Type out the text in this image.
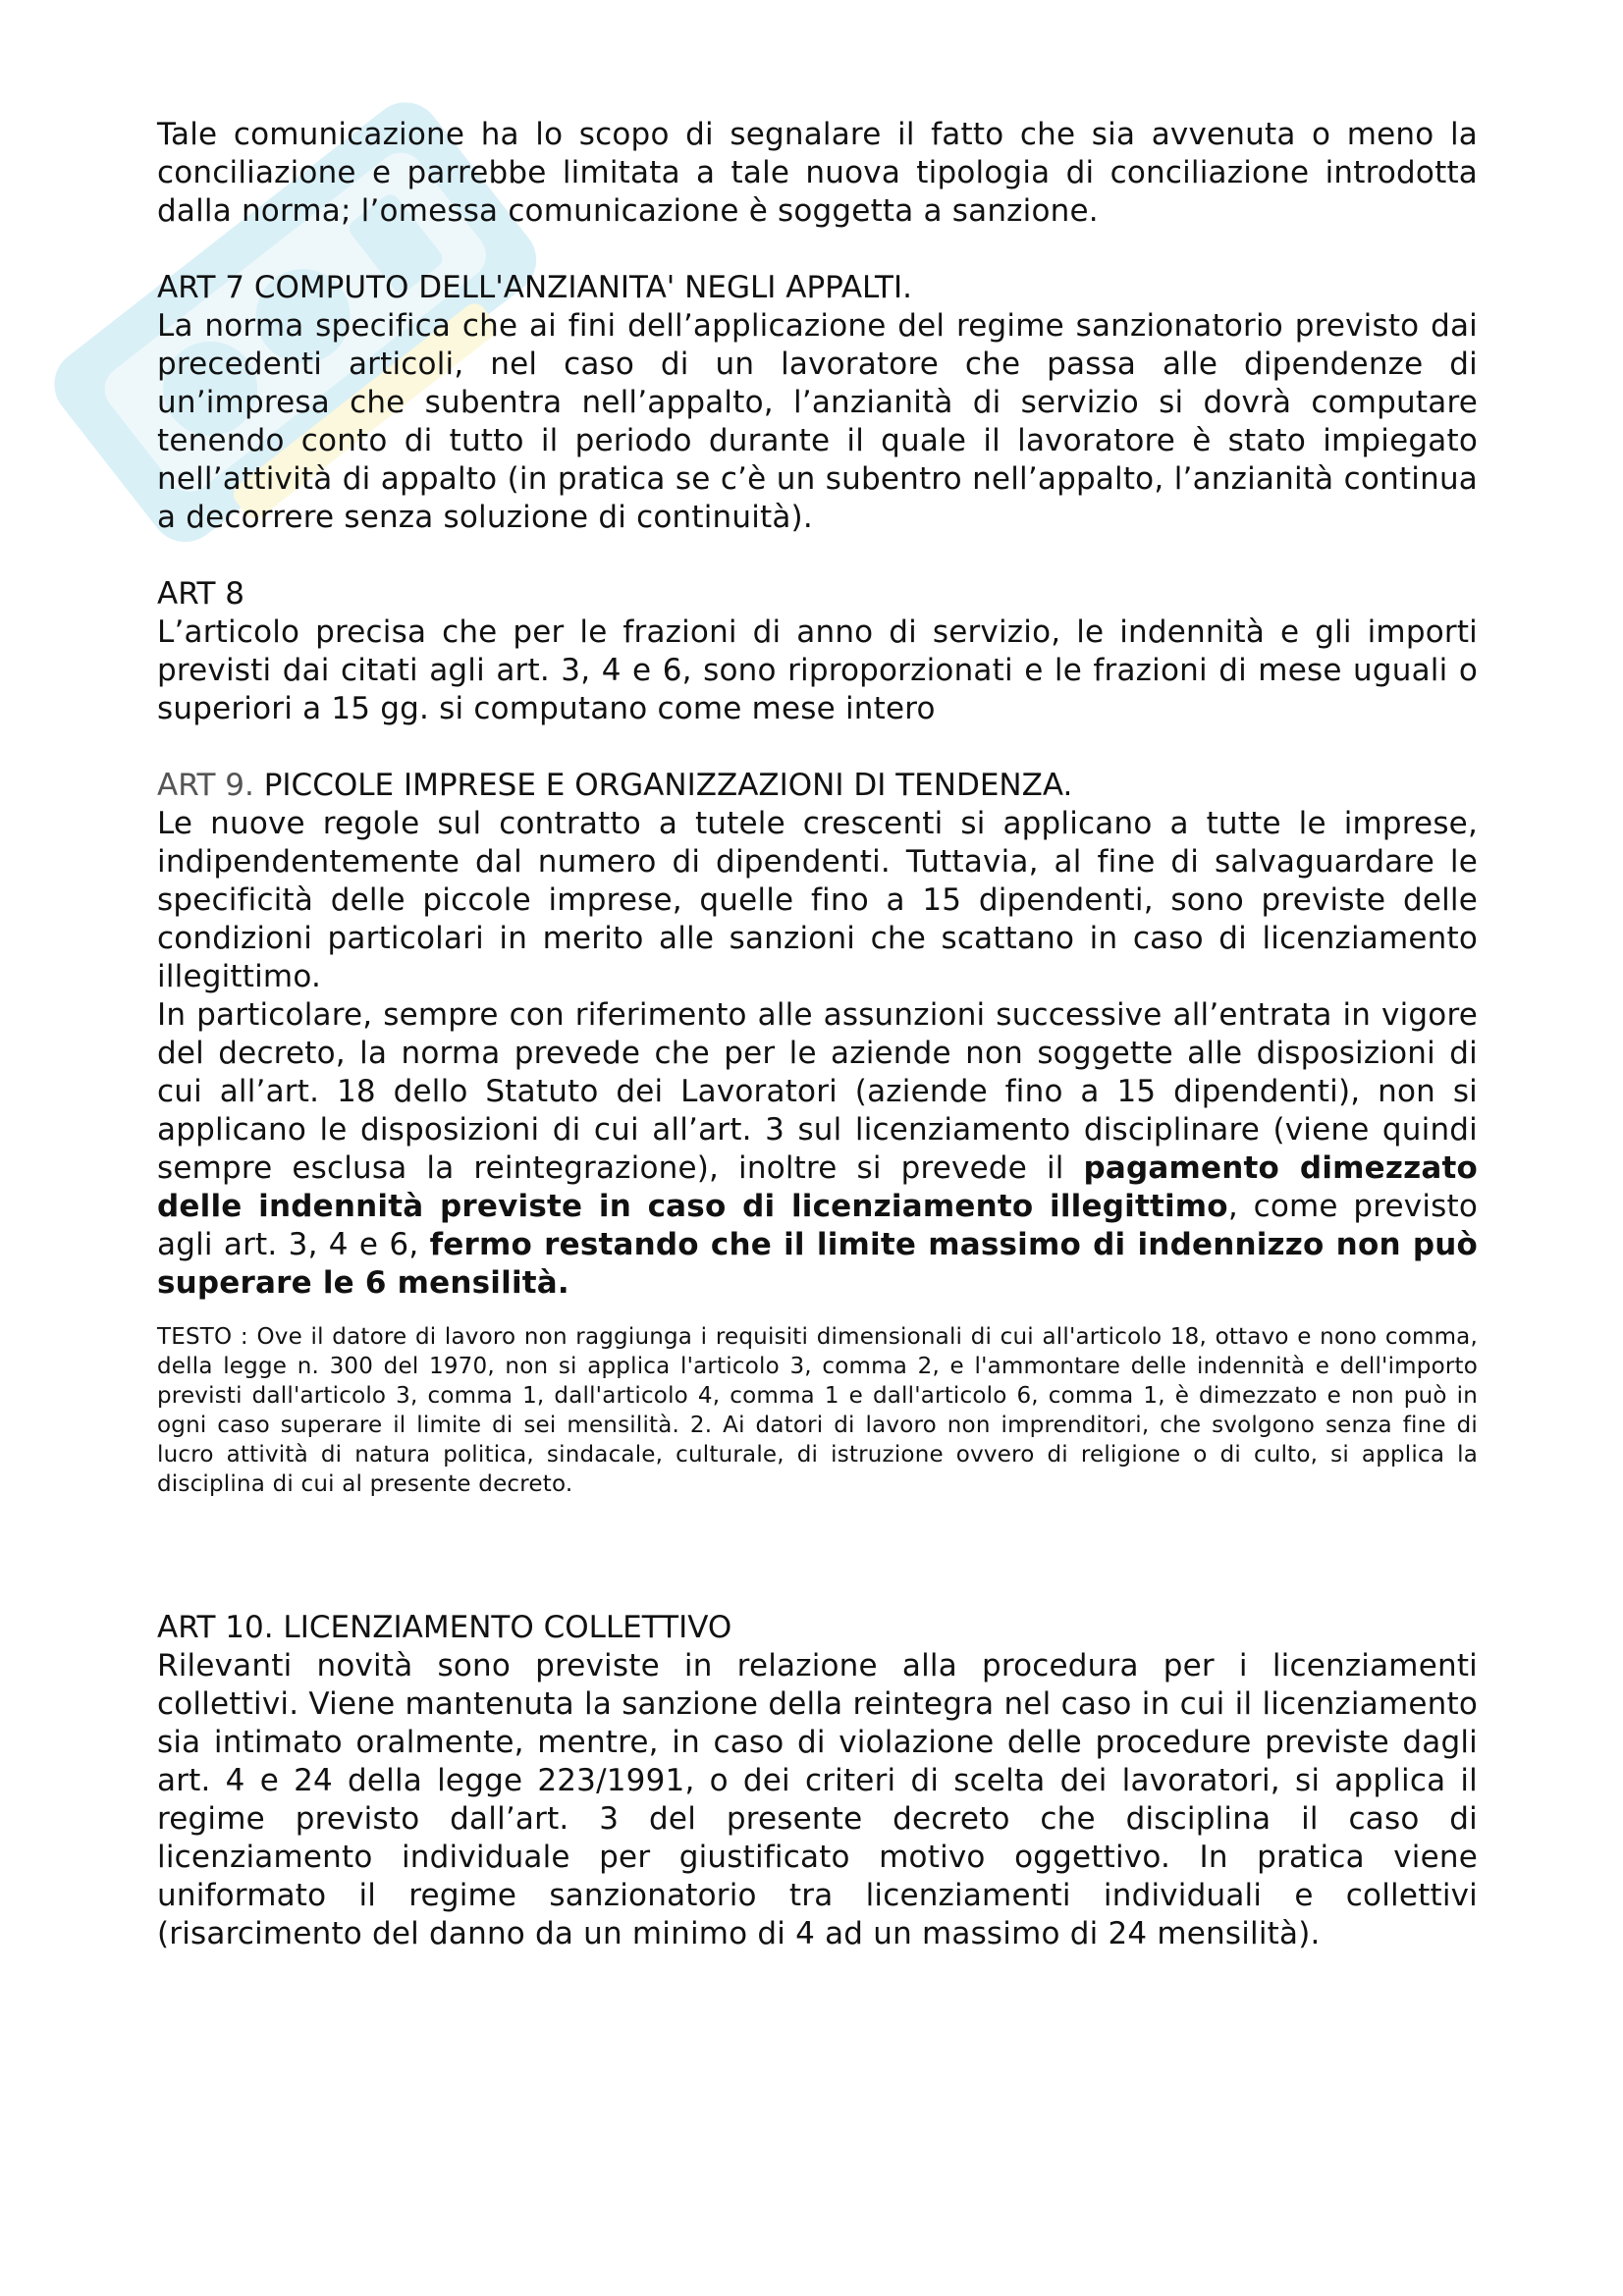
Tale comunicazione ha lo scopo di segnalare il fatto che sia avvenuta o meno la conciliazione e parrebbe limitata a tale nuova tipologia di conciliazione introdotta dalla norma; l’omessa comunicazione è soggetta a sanzione.

ART 7 COMPUTO DELL'ANZIANITA' NEGLI APPALTI.

La norma specifica che ai fini dell’applicazione del regime sanzionatorio previsto dai precedenti articoli, nel caso di un lavoratore che passa alle dipendenze di un’impresa che subentra nell’appalto, l’anzianità di servizio si dovrà computare tenendo conto di tutto il periodo durante il quale il lavoratore è stato impiegato nell’attività di appalto (in pratica se c’è un subentro nell’appalto, l’anzianità continua a decorrere senza soluzione di continuità).

ART 8

L’articolo precisa che per le frazioni di anno di servizio, le indennità e gli importi previsti dai citati agli art. 3, 4 e 6, sono riproporzionati e le frazioni di mese uguali o superiori a 15 gg. si computano come mese intero

ART 9. PICCOLE IMPRESE E ORGANIZZAZIONI DI TENDENZA.

Le nuove regole sul contratto a tutele crescenti si applicano a tutte le imprese, indipendentemente dal numero di dipendenti. Tuttavia, al fine di salvaguardare le specificità delle piccole imprese, quelle fino a 15 dipendenti, sono previste delle condizioni particolari in merito alle sanzioni che scattano in caso di licenziamento illegittimo.

In particolare, sempre con riferimento alle assunzioni successive all’entrata in vigore del decreto, la norma prevede che per le aziende non soggette alle disposizioni di cui all’art. 18 dello Statuto dei Lavoratori (aziende fino a 15 dipendenti), non si applicano le disposizioni di cui all’art. 3 sul licenziamento disciplinare (viene quindi sempre esclusa la reintegrazione), inoltre si prevede il pagamento dimezzato delle indennità previste in caso di licenziamento illegittimo, come previsto agli art. 3, 4 e 6, fermo restando che il limite massimo di indennizzo non può superare le 6 mensilità.

TESTO : Ove il datore di lavoro non raggiunga i requisiti dimensionali di cui all'articolo 18, ottavo e nono comma, della legge n. 300 del 1970, non si applica l'articolo 3, comma 2, e l'ammontare delle indennità e dell'importo previsti dall'articolo 3, comma 1, dall'articolo 4, comma 1 e dall'articolo 6, comma 1, è dimezzato e non può in ogni caso superare il limite di sei mensilità. 2. Ai datori di lavoro non imprenditori, che svolgono senza fine di lucro attività di natura politica, sindacale, culturale, di istruzione ovvero di religione o di culto, si applica la disciplina di cui al presente decreto.

ART 10. LICENZIAMENTO COLLETTIVO

Rilevanti novità sono previste in relazione alla procedura per i licenziamenti collettivi. Viene mantenuta la sanzione della reintegra nel caso in cui il licenziamento sia intimato oralmente, mentre, in caso di violazione delle procedure previste dagli art. 4 e 24 della legge 223/1991, o dei criteri di scelta dei lavoratori, si applica il regime previsto dall’art. 3 del presente decreto che disciplina il caso di licenziamento individuale per giustificato motivo oggettivo. In pratica viene uniformato il regime sanzionatorio tra licenziamenti individuali e collettivi (risarcimento del danno da un minimo di 4 ad un massimo di 24 mensilità).
